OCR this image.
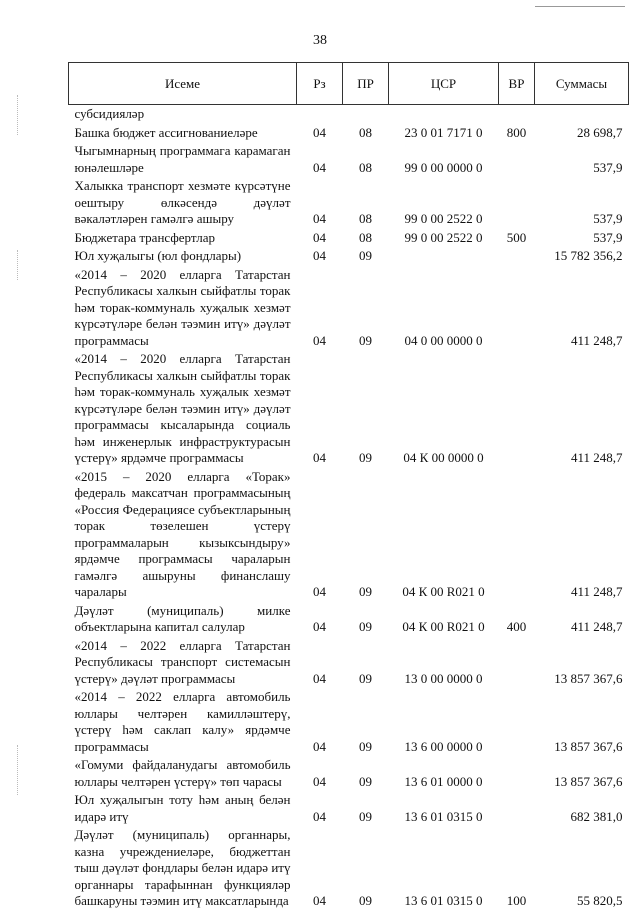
38
Исеме	Рз	ПР	ЦСР	ВР	Суммасы
субсидияләр					
Башка бюджет ассигнованиеләре	04	08	23 0 01 7171 0	800	28 698,7
Чыгымнарның программага карамаган юнәлешләре	04	08	99 0 00 0000 0		537,9
Халыкка транспорт хезмәте күрсәтүне оештыру өлкәсендә дәүләт вәкаләтләрен гамәлгә ашыру	04	08	99 0 00 2522 0		537,9
Бюджетара трансфертлар	04	08	99 0 00 2522 0	500	537,9
Юл хуҗалыгы (юл фондлары)	04	09			15 782 356,2
«2014 – 2020 елларга Татарстан Республикасы халкын сыйфатлы торак һәм торак-коммуналь хуҗалык хезмәт күрсәтүләре белән тәэмин итү» дәүләт программасы	04	09	04 0 00 0000 0		411 248,7
«2014 – 2020 елларга Татарстан Республикасы халкын сыйфатлы торак һәм торак-коммуналь хуҗалык хезмәт күрсәтүләре белән тәэмин итү» дәүләт программасы кысаларында социаль һәм инженерлык инфраструктурасын үстерү» ярдәмче программасы	04	09	04 К 00 0000 0		411 248,7
«2015 – 2020 елларга «Торак» федераль максатчан программасының «Россия Федерациясе субъектларының торак төзелешен үстерү программаларын кызыксындыру» ярдәмче программасы чараларын гамәлгә ашыруны финанслашу чаралары	04	09	04 К 00 R021 0		411 248,7
Дәүләт (муниципаль) милке объектларына капитал салулар	04	09	04 К 00 R021 0	400	411 248,7
«2014 – 2022 елларга Татарстан Республикасы транспорт системасын үстерү» дәүләт программасы	04	09	13 0 00 0000 0		13 857 367,6
«2014 – 2022 елларга автомобиль юллары челтәрен камилләштерү, үстерү һәм саклап калу» ярдәмче программасы	04	09	13 6 00 0000 0		13 857 367,6
«Гомуми файдаланудагы автомобиль юллары челтәрен үстерү» төп чарасы	04	09	13 6 01 0000 0		13 857 367,6
Юл хуҗалыгын тоту һәм аның белән идарә итү	04	09	13 6 01 0315 0		682 381,0
Дәүләт (муниципаль) органнары, казна учреждениеләре, бюджеттан тыш дәүләт фондлары белән идарә итү органнары тарафыннан функцияләр башкаруны тәэмин итү максатларында	04	09	13 6 01 0315 0	100	55 820,5
